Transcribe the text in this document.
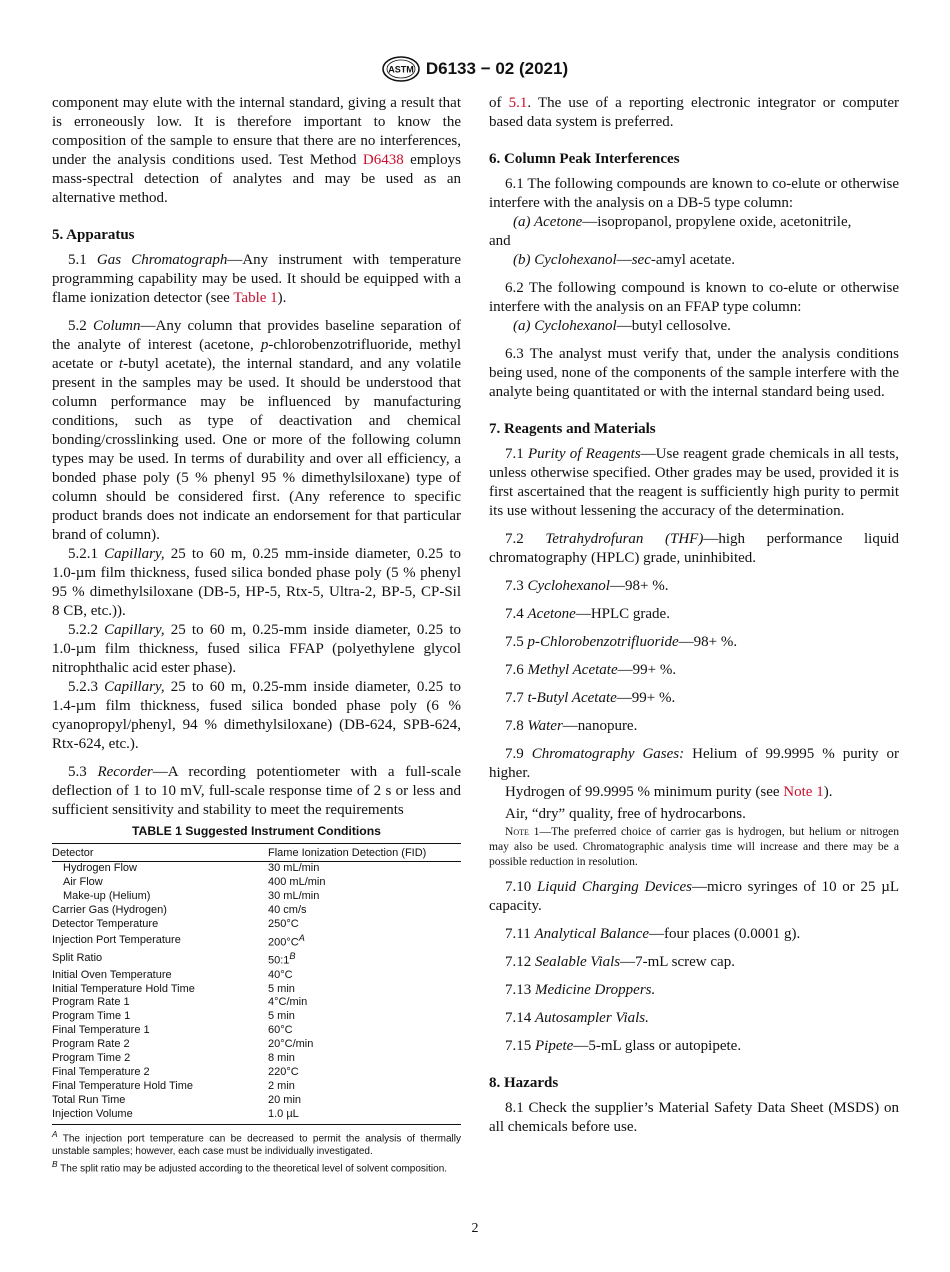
ASTM D6133 − 02 (2021)

component may elute with the internal standard, giving a result that is erroneously low. It is therefore important to know the composition of the sample to ensure that there are no interferences, under the analysis conditions used. Test Method D6438 employs mass-spectral detection of analytes and may be used as an alternative method.

5. Apparatus

5.1 Gas Chromatograph—Any instrument with temperature programming capability may be used. It should be equipped with a flame ionization detector (see Table 1).

5.2 Column—Any column that provides baseline separation of the analyte of interest (acetone, p-chlorobenzotrifluoride, methyl acetate or t-butyl acetate), the internal standard, and any volatile present in the samples may be used. It should be understood that column performance may be influenced by manufacturing conditions, such as type of deactivation and chemical bonding/crosslinking used. One or more of the following column types may be used. In terms of durability and over all efficiency, a bonded phase poly (5 % phenyl 95 % dimethylsiloxane) type of column should be considered first. (Any reference to specific product brands does not indicate an endorsement for that particular brand of column).

5.2.1 Capillary, 25 to 60 m, 0.25 mm-inside diameter, 0.25 to 1.0-µm film thickness, fused silica bonded phase poly (5 % phenyl 95 % dimethylsiloxane (DB-5, HP-5, Rtx-5, Ultra-2, BP-5, CP-Sil 8 CB, etc.)).

5.2.2 Capillary, 25 to 60 m, 0.25-mm inside diameter, 0.25 to 1.0-µm film thickness, fused silica FFAP (polyethylene glycol nitrophthalic acid ester phase).

5.2.3 Capillary, 25 to 60 m, 0.25-mm inside diameter, 0.25 to 1.4-µm film thickness, fused silica bonded phase poly (6 % cyanopropyl/phenyl, 94 % dimethylsiloxane) (DB-624, SPB-624, Rtx-624, etc.).

5.3 Recorder—A recording potentiometer with a full-scale deflection of 1 to 10 mV, full-scale response time of 2 s or less and sufficient sensitivity and stability to meet the requirements

TABLE 1 Suggested Instrument Conditions
Detector	Flame Ionization Detection (FID)
Hydrogen Flow	30 mL/min
Air Flow	400 mL/min
Make-up (Helium)	30 mL/min
Carrier Gas (Hydrogen)	40 cm/s
Detector Temperature	250°C
Injection Port Temperature	$200^\circ C^A$
Split Ratio	$50:1^B$
Initial Oven Temperature	40°C
Initial Temperature Hold Time	5 min
Program Rate 1	4°C/min
Program Time 1	5 min
Final Temperature 1	60°C
Program Rate 2	20°C/min
Program Time 2	8 min
Final Temperature 2	220°C
Final Temperature Hold Time	2 min
Total Run Time	20 min
Injection Volume	1.0 µL
$^A$ The injection port temperature can be decreased to permit the analysis of thermally unstable samples; however, each case must be individually investigated.
$^B$ The split ratio may be adjusted according to the theoretical level of solvent composition.

of 5.1. The use of a reporting electronic integrator or computer based data system is preferred.

6. Column Peak Interferences

6.1 The following compounds are known to co-elute or otherwise interfere with the analysis on a DB-5 type column:

(a) Acetone—isopropanol, propylene oxide, acetonitrile,

and

(b) Cyclohexanol—sec-amyl acetate.

6.2 The following compound is known to co-elute or otherwise interfere with the analysis on an FFAP type column:

(a) Cyclohexanol—butyl cellosolve.

6.3 The analyst must verify that, under the analysis conditions being used, none of the components of the sample interfere with the analyte being quantitated or with the internal standard being used.

7. Reagents and Materials

7.1 Purity of Reagents—Use reagent grade chemicals in all tests, unless otherwise specified. Other grades may be used, provided it is first ascertained that the reagent is sufficiently high purity to permit its use without lessening the accuracy of the determination.

7.2 Tetrahydrofuran (THF)—high performance liquid chromatography (HPLC) grade, uninhibited.

7.3 Cyclohexanol—98+ %.

7.4 Acetone—HPLC grade.

7.5 p-Chlorobenzotrifluoride—98+ %.

7.6 Methyl Acetate—99+ %.

7.7 t-Butyl Acetate—99+ %.

7.8 Water—nanopure.

7.9 Chromatography Gases: Helium of 99.9995 % purity or higher.

Hydrogen of 99.9995 % minimum purity (see Note 1).

Air, “dry” quality, free of hydrocarbons.

Note 1—The preferred choice of carrier gas is hydrogen, but helium or nitrogen may also be used. Chromatographic analysis time will increase and there may be a possible reduction in resolution.

7.10 Liquid Charging Devices—micro syringes of 10 or 25 µL capacity.

7.11 Analytical Balance—four places (0.0001 g).

7.12 Sealable Vials—7-mL screw cap.

7.13 Medicine Droppers.

7.14 Autosampler Vials.

7.15 Pipete—5-mL glass or autopipete.

8. Hazards

8.1 Check the supplier’s Material Safety Data Sheet (MSDS) on all chemicals before use.

2
